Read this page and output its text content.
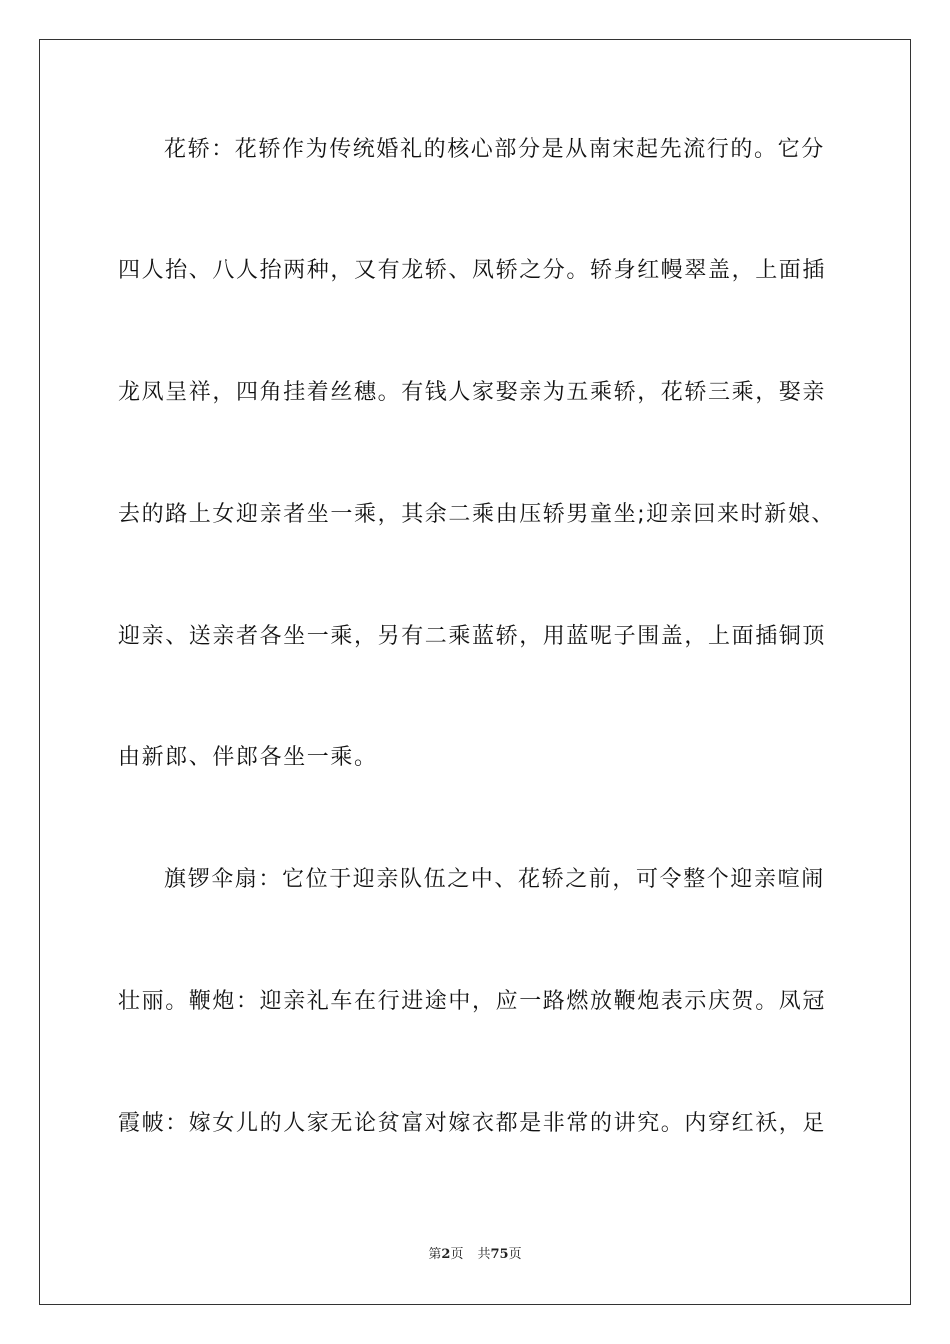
花轿：花轿作为传统婚礼的核心部分是从南宋起先流行的。它分
四人抬、八人抬两种，又有龙轿、凤轿之分。轿身红幔翠盖，上面插
龙凤呈祥，四角挂着丝穗。有钱人家娶亲为五乘轿，花轿三乘，娶亲
去的路上女迎亲者坐一乘，其余二乘由压轿男童坐;迎亲回来时新娘、
迎亲、送亲者各坐一乘，另有二乘蓝轿，用蓝呢子围盖，上面插铜顶
由新郎、伴郎各坐一乘。
旗锣伞扇：它位于迎亲队伍之中、花轿之前，可令整个迎亲喧闹
壮丽。鞭炮：迎亲礼车在行进途中，应一路燃放鞭炮表示庆贺。凤冠
霞帔：嫁女儿的人家无论贫富对嫁衣都是非常的讲究。内穿红袄，足
第2页 共75页
